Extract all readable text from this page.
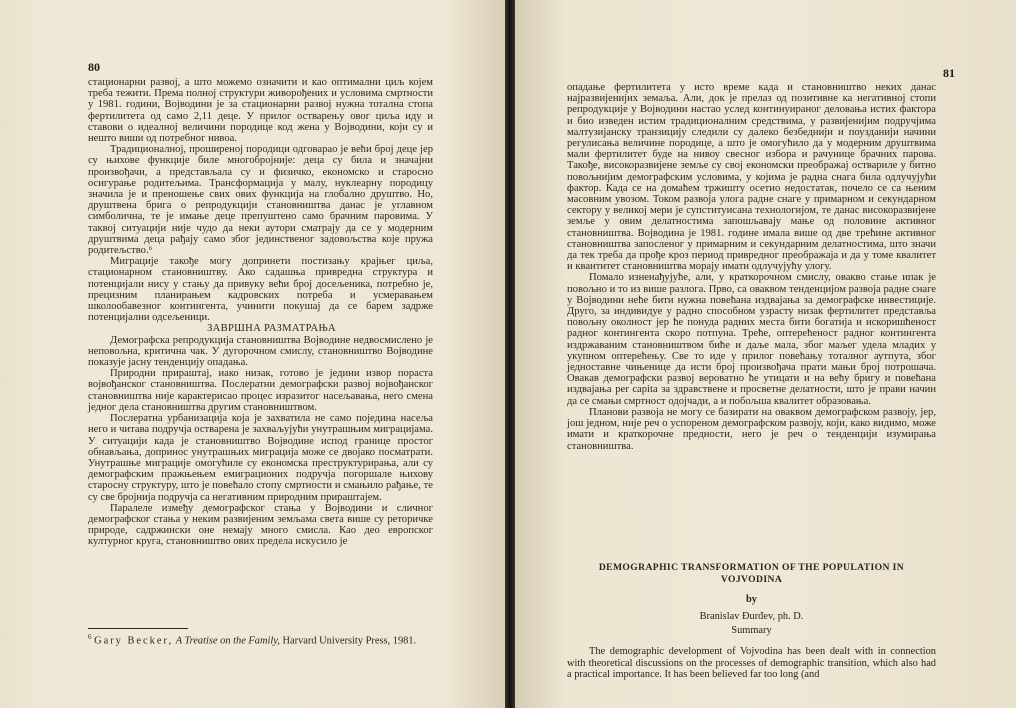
80

стационарни развој, а што можемо означити и као оптимални циљ којем треба тежити. Према полној структури живорођених и условима смртности у 1981. години, Војводини је за стационарни развој нужна тотална стопа фертилитета од само 2,11 деце. У прилог остварењу овог циља иду и ставови о идеалној величини породице код жена у Војводини, који су и нешто виши од потребног нивоа.

Традиционалној, проширеној породици одговарао је већи број деце јер су њихове функције биле многобројније: деца су била и значајни произвођачи, а представљала су и физичко, економско и старосно осигурање родитељима. Трансформација у малу, нуклеарну породицу значила је и преношење свих ових функција на глобално друштво. Но, друштвена брига о репродукцији становништва данас је углавном симболична, те је имање деце препуштено само брачним паровима. У таквој ситуацији није чудо да неки аутори сматрају да се у модерним друштвима деца рађају само због јединственог задовољства које пружа родитељство.⁶

Миграције такође могу допринети постизању крајњег циља, стационарном становништву. Ако садашња привредна структура и потенцијали нису у стању да привуку већи број досељеника, потребно је, прецизним планирањем кадровских потреба и усмеравањем школообавезног контингента, учинити покушај да се барем задрже потенцијални одсељеници.

ЗАВРШНА РАЗМАТРАЊА

Демографска репродукција становништва Војводине недвосмислено је неповољна, критична чак. У дугорочном смислу, становништво Војводине показује јасну тенденцију опадања.

Природни прираштај, иако низак, готово је једини извор пораста војвођанског становништва. Послератни демографски развој војвођанског становништва није карактерисао процес изразитог насељавања, него смена једног дела становништва другим становништвом.

Послератна урбанизација која је захватила не само поједина насеља него и читава подручја остварена је захваљујући унутрашњим миграцијама. У ситуацији када је становништво Војводине испод границе простог обнављања, доприноc унутрашњих миграција може се двојако посматрати. Унутрашње миграције омогућиле су економска преструктурирања, али су демографским пражњењем емиграционих подручја погоршале њихову старосну структуру, што је повећало стопу смртности и смањило рађање, те су све бројнија подручја са негативним природним прираштајем.

Паралеле између демографског стања у Војводини и сличног демографског стања у неким развијеним земљама света више су реторичке природе, садржински оне немају много смисла. Као део европског културног круга, становништво ових предела искусило је

$^6$ Gary Becker, A Treatise on the Family, Harvard University Press, 1981.
81

опадање фертилитета у исто време када и становништво неких данас најразвијенијих земаља. Али, док је прелаз од позитивне ка негативној стопи репродукције у Војводини настао услед континуираног деловања истих фактора и био изведен истим традиционалним средствима, у развијенијим подручјима малтузијанску транзицију следили су далеко безбеднији и поузданији начини регулисања величине породице, а што је омогућило да у модерним друштвима мали фертилитет буде на нивоу свесног избора и рачунице брачних парова. Такође, високоразвијене земље су свој економски преображај оствариле у битно повољнијим демографским условима, у којима је радна снага била одлучујући фактор. Када се на домаћем тржишту осетио недостатак, почело се са њеним масовним увозом. Током развоја улога радне снаге у примарном и секундарном сектору у великој мери је супституисана технологијом, те данас високоразвијене земље у овим делатностима запошљавају мање од половине активног становништва. Војводина је 1981. године имала више од две трећине активног становништва запосленог у примарним и секундарним делатностима, што значи да тек треба да прође кроз период привредног преображаја и да у томе квалитет и квантитет становништва морају имати одлучујућу улогу.

Помало изненађујуће, али, у краткорочном смислу, овакво стање ипак је повољно и то из више разлога. Прво, са оваквом тенденцијом развоја радне снаге у Војводини неће бити нужна повећана издвајања за демографске инвестиције. Друго, за индивидуе у радно способном узрасту низак фертилитет представља повољну околност јер ће понуда радних места бити богатија и искоришћеност радног контингента скоро потпуна. Треће, оптерећеност радног контингента издржаваним становништвом биће и даље мала, због маљег удела младих у укупном оптерећењу. Све то иде у прилог повећању тоталног аутпута, због једноставне чињенице да исти број произвођача прати мањи број потрошача. Овакав демографски развој вероватно ће утицати и на већу бригу и повећана издвајања per capita за здравствене и просветне делатности, што је прави начин да се смањи смртност одојчади, а и побољша квалитет образовања.

Планови развоја не могу се базирати на оваквом демографском развоју, јер, још једном, није реч о успореном демографском развоју, који, како видимо, може имати и краткорочне предности, него је реч о тенденцији изумирања становништва.

DEMOGRAPHIC TRANSFORMATION OF THE POPULATION IN VOJVODINA

by

Branislav Đurđev, ph. D.

Summary

The demographic development of Vojvodina has been dealt with in connection with theoretical discussions on the processes of demographic transition, which also had a practical importance. It has been believed far too long (and
